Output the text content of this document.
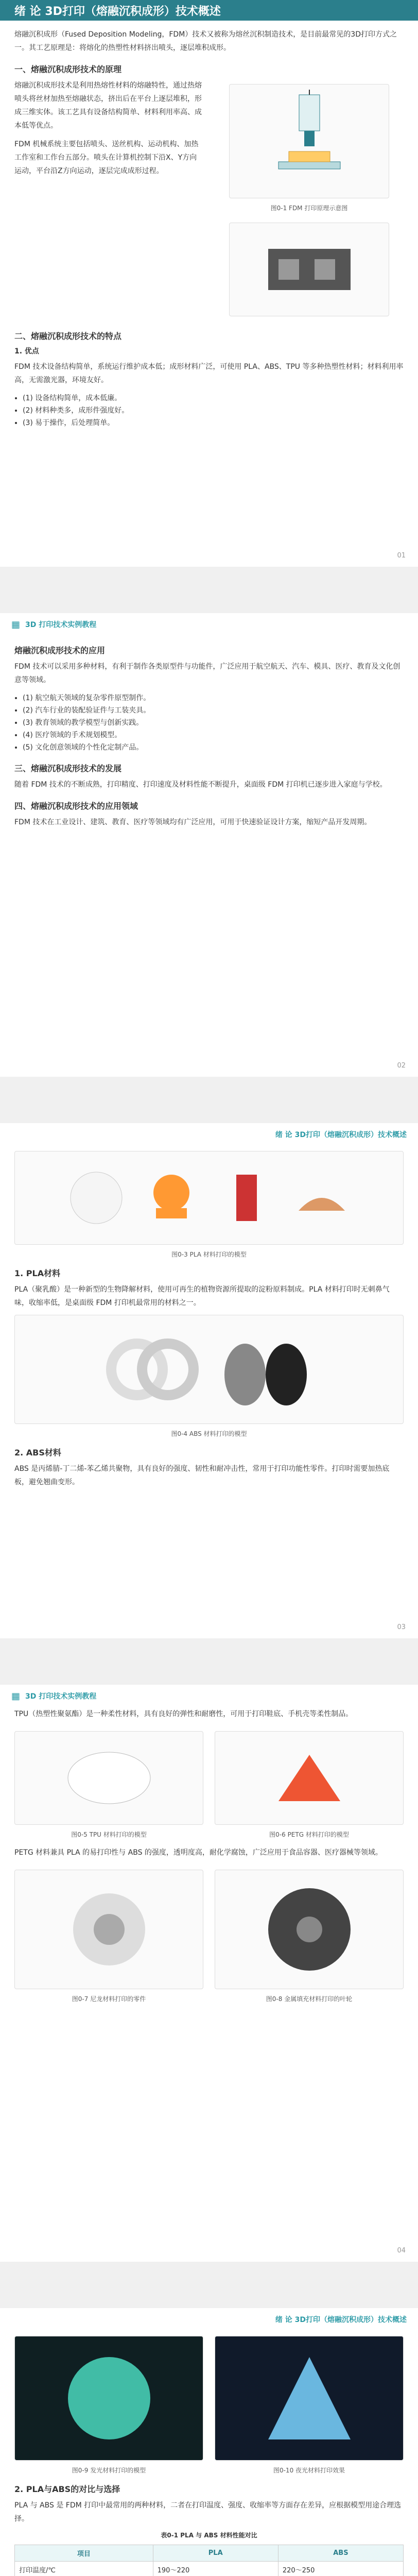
绪 论 3D打印（熔融沉积成形）技术概述
熔融沉积成形（Fused Deposition Modeling，FDM）技术又被称为熔丝沉积制造技术，是目前最常见的3D打印方式之一。其工艺原理是：将熔化的热塑性材料挤出喷头，逐层堆积成形。
一、熔融沉积成形技术的原理
熔融沉积成形技术是利用热熔性材料的熔融特性，通过热熔喷头将丝材加热至熔融状态，挤出后在平台上逐层堆积，形成三维实体。该工艺具有设备结构简单、材料利用率高、成本低等优点。
FDM 机械系统主要包括喷头、送丝机构、运动机构、加热工作室和工作台五部分。喷头在计算机控制下沿X、Y方向运动，平台沿Z方向运动，逐层完成成形过程。
图0-1 FDM 打印原理示意图
二、熔融沉积成形技术的特点
1. 优点
FDM 技术设备结构简单，系统运行维护成本低；成形材料广泛，可使用 PLA、ABS、TPU 等多种热塑性材料；材料利用率高，无需激光器，环境友好。
• (1) 设备结构简单，成本低廉。
• (2) 材料种类多，成形件强度好。
• (3) 易于操作，后处理简单。
01
▦ 3D 打印技术实例教程
熔融沉积成形技术的应用
FDM 技术可以采用多种材料，有利于制作各类原型件与功能件，广泛应用于航空航天、汽车、模具、医疗、教育及文化创意等领域。
• (1) 航空航天领域的复杂零件原型制作。
• (2) 汽车行业的装配验证件与工装夹具。
• (3) 教育领域的教学模型与创新实践。
• (4) 医疗领域的手术规划模型。
• (5) 文化创意领域的个性化定制产品。
三、熔融沉积成形技术的发展
随着 FDM 技术的不断成熟，打印精度、打印速度及材料性能不断提升，桌面级 FDM 打印机已逐步进入家庭与学校。
四、熔融沉积成形技术的应用领域
FDM 技术在工业设计、建筑、教育、医疗等领域均有广泛应用，可用于快速验证设计方案，缩短产品开发周期。
02
绪 论 3D打印（熔融沉积成形）技术概述
图0-3 PLA 材料打印的模型
1. PLA材料
PLA（聚乳酸）是一种新型的生物降解材料，使用可再生的植物资源所提取的淀粉原料制成。PLA 材料打印时无刺鼻气味，收缩率低，是桌面级 FDM 打印机最常用的材料之一。
图0-4 ABS 材料打印的模型
2. ABS材料
ABS 是丙烯腈-丁二烯-苯乙烯共聚物，具有良好的强度、韧性和耐冲击性，常用于打印功能性零件。打印时需要加热底板，避免翘曲变形。
03
▦ 3D 打印技术实例教程
TPU（热塑性聚氨酯）是一种柔性材料，具有良好的弹性和耐磨性，可用于打印鞋底、手机壳等柔性制品。
图0-5 TPU 材料打印的模型	图0-6 PETG 材料打印的模型
PETG 材料兼具 PLA 的易打印性与 ABS 的强度，透明度高，耐化学腐蚀，广泛应用于食品容器、医疗器械等领域。
图0-7 尼龙材料打印的零件	图0-8 金属填充材料打印的叶轮
04
绪 论 3D打印（熔融沉积成形）技术概述
图0-9 发光材料打印的模型	图0-10 夜光材料打印效果
2. PLA与ABS的对比与选择
PLA 与 ABS 是 FDM 打印中最常用的两种材料，二者在打印温度、强度、收缩率等方面存在差异，应根据模型用途合理选择。
表0-1 PLA 与 ABS 材料性能对比
项目	PLA	ABS
打印温度/℃	190～220	220～250
